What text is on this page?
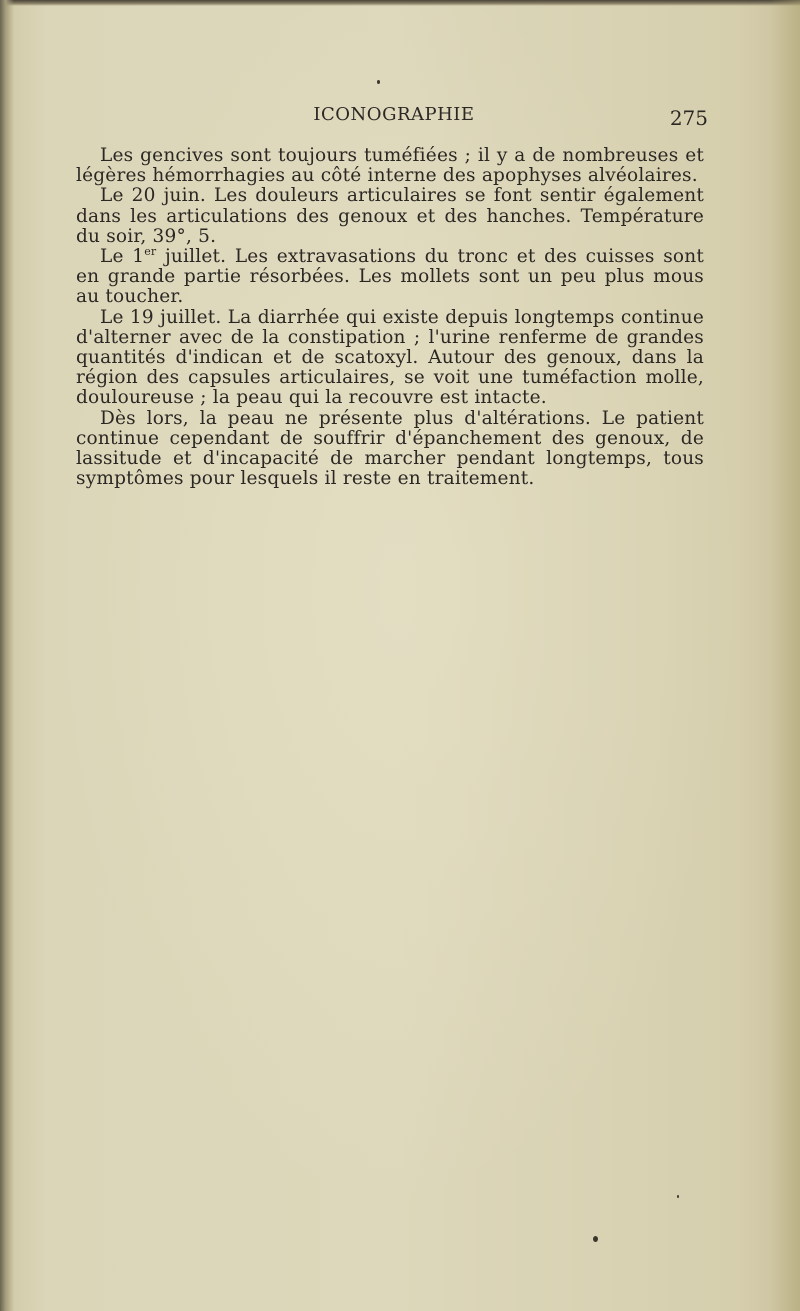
ICONOGRAPHIE	275

Les gencives sont toujours tuméfiées ; il y a de nombreuses et légères hémorrhagies au côté interne des apophyses alvéolaires.

Le 20 juin. Les douleurs articulaires se font sentir également dans les articulations des genoux et des hanches. Température du soir, 39°, 5.

Le 1er juillet. Les extravasations du tronc et des cuisses sont en grande partie résorbées. Les mollets sont un peu plus mous au toucher.

Le 19 juillet. La diarrhée qui existe depuis longtemps continue d'alterner avec de la constipation ; l'urine renferme de grandes quantités d'indican et de scatoxyl. Autour des genoux, dans la région des capsules articulaires, se voit une tuméfaction molle, douloureuse ; la peau qui la recouvre est intacte.

Dès lors, la peau ne présente plus d'altérations. Le patient continue cependant de souffrir d'épanchement des genoux, de lassitude et d'incapacité de marcher pendant longtemps, tous symptômes pour lesquels il reste en traitement.
